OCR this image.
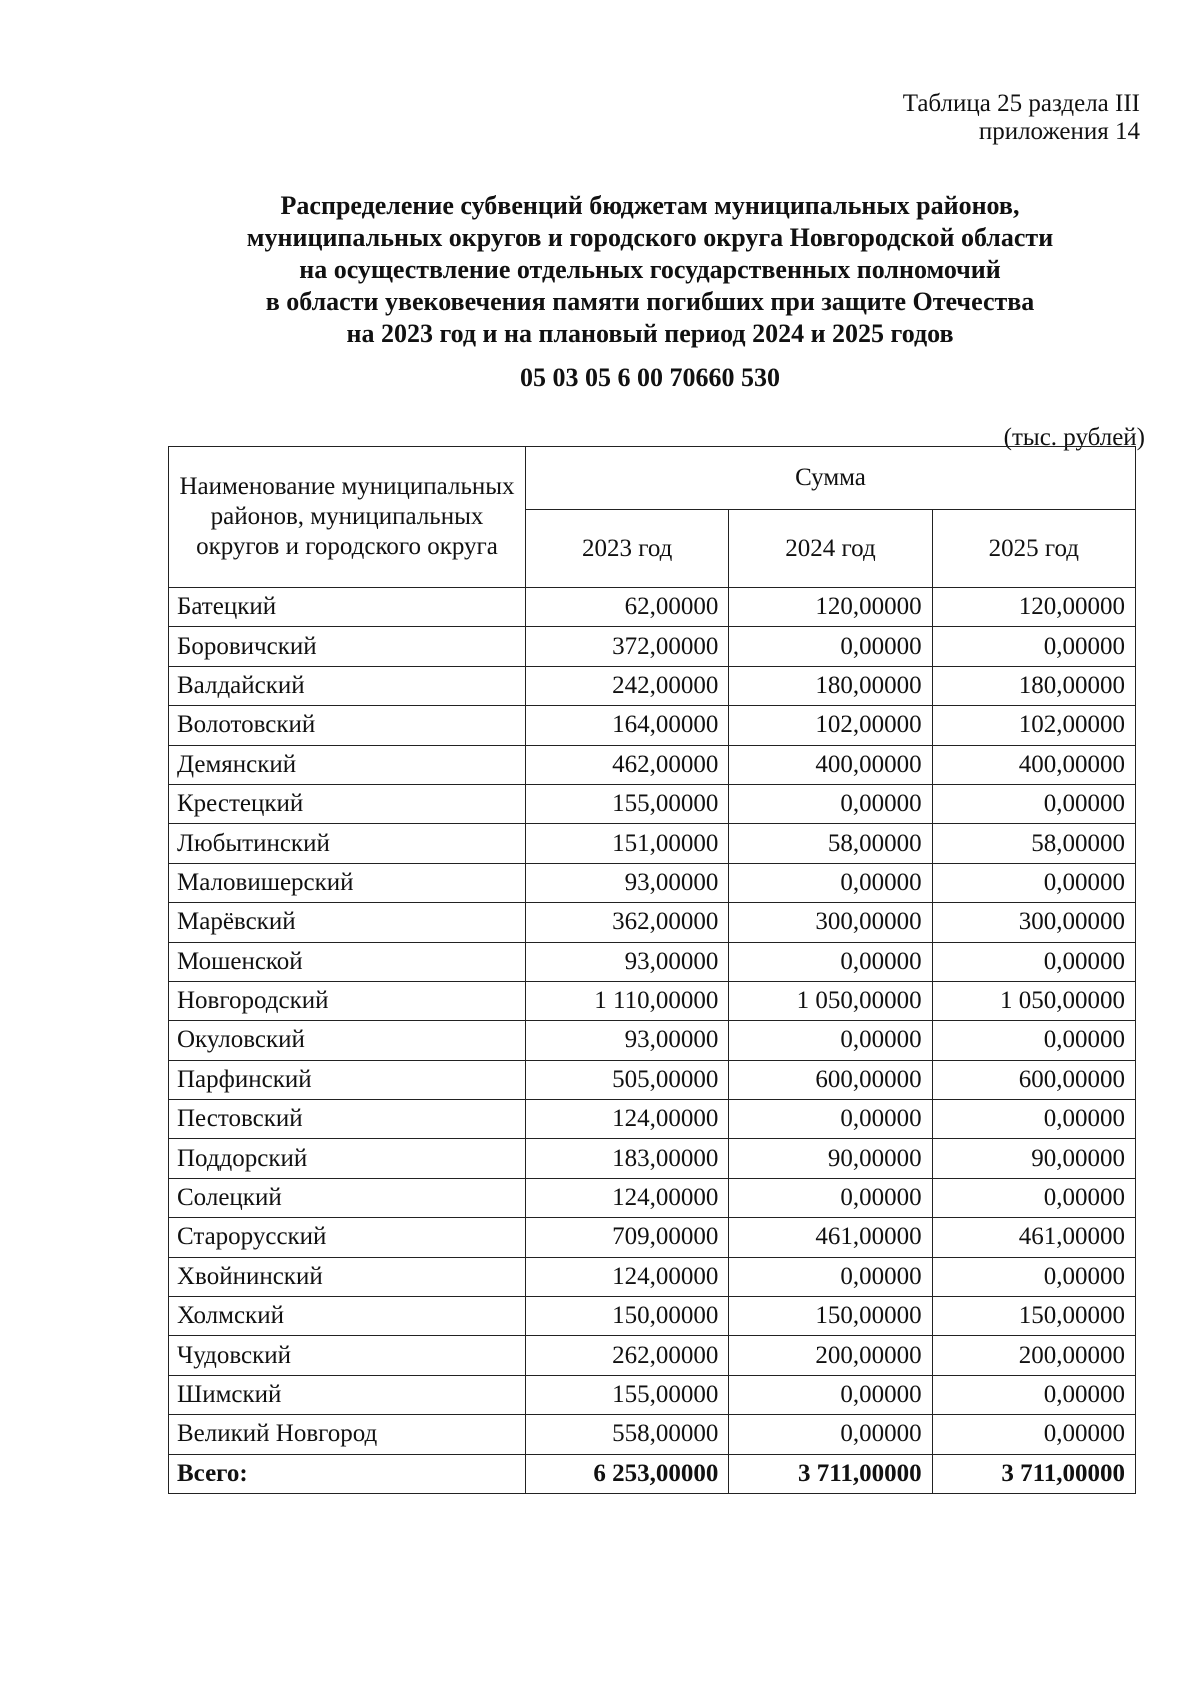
Таблица 25 раздела III
приложения 14
Распределение субвенций бюджетам муниципальных районов,
муниципальных округов и городского округа Новгородской области
на осуществление отдельных государственных полномочий
в области увековечения памяти погибших при защите Отечества
на 2023 год и на плановый период 2024 и 2025 годов
05 03 05 6 00 70660 530
(тыс. рублей)
Наименование муниципальных районов, муниципальных округов и городского округа	Сумма		
	2023 год	2024 год	2025 год
Батецкий	62,00000	120,00000	120,00000
Боровичский	372,00000	0,00000	0,00000
Валдайский	242,00000	180,00000	180,00000
Волотовский	164,00000	102,00000	102,00000
Демянский	462,00000	400,00000	400,00000
Крестецкий	155,00000	0,00000	0,00000
Любытинский	151,00000	58,00000	58,00000
Маловишерский	93,00000	0,00000	0,00000
Марёвский	362,00000	300,00000	300,00000
Мошенской	93,00000	0,00000	0,00000
Новгородский	1 110,00000	1 050,00000	1 050,00000
Окуловский	93,00000	0,00000	0,00000
Парфинский	505,00000	600,00000	600,00000
Пестовский	124,00000	0,00000	0,00000
Поддорский	183,00000	90,00000	90,00000
Солецкий	124,00000	0,00000	0,00000
Старорусский	709,00000	461,00000	461,00000
Хвойнинский	124,00000	0,00000	0,00000
Холмский	150,00000	150,00000	150,00000
Чудовский	262,00000	200,00000	200,00000
Шимский	155,00000	0,00000	0,00000
Великий Новгород	558,00000	0,00000	0,00000
Всего:	6 253,00000	3 711,00000	3 711,00000
